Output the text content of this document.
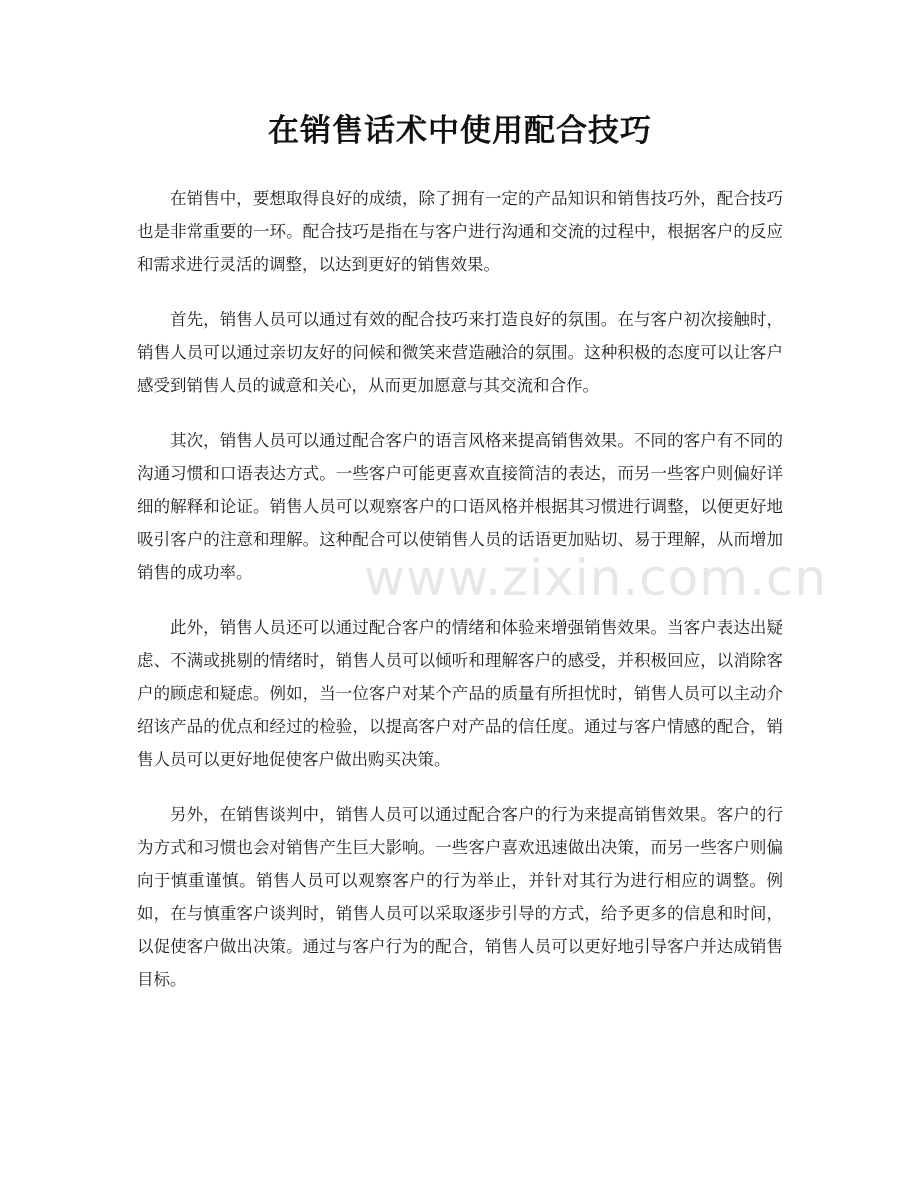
在销售话术中使用配合技巧

在销售中，要想取得良好的成绩，除了拥有一定的产品知识和销售技巧外，配合技巧也是非常重要的一环。配合技巧是指在与客户进行沟通和交流的过程中，根据客户的反应和需求进行灵活的调整，以达到更好的销售效果。

首先，销售人员可以通过有效的配合技巧来打造良好的氛围。在与客户初次接触时，销售人员可以通过亲切友好的问候和微笑来营造融洽的氛围。这种积极的态度可以让客户感受到销售人员的诚意和关心，从而更加愿意与其交流和合作。

其次，销售人员可以通过配合客户的语言风格来提高销售效果。不同的客户有不同的沟通习惯和口语表达方式。一些客户可能更喜欢直接简洁的表达，而另一些客户则偏好详细的解释和论证。销售人员可以观察客户的口语风格并根据其习惯进行调整，以便更好地吸引客户的注意和理解。这种配合可以使销售人员的话语更加贴切、易于理解，从而增加销售的成功率。

此外，销售人员还可以通过配合客户的情绪和体验来增强销售效果。当客户表达出疑虑、不满或挑剔的情绪时，销售人员可以倾听和理解客户的感受，并积极回应，以消除客户的顾虑和疑虑。例如，当一位客户对某个产品的质量有所担忧时，销售人员可以主动介绍该产品的优点和经过的检验，以提高客户对产品的信任度。通过与客户情感的配合，销售人员可以更好地促使客户做出购买决策。

另外，在销售谈判中，销售人员可以通过配合客户的行为来提高销售效果。客户的行为方式和习惯也会对销售产生巨大影响。一些客户喜欢迅速做出决策，而另一些客户则偏向于慎重谨慎。销售人员可以观察客户的行为举止，并针对其行为进行相应的调整。例如，在与慎重客户谈判时，销售人员可以采取逐步引导的方式，给予更多的信息和时间，以促使客户做出决策。通过与客户行为的配合，销售人员可以更好地引导客户并达成销售目标。

www.zixin.com.cn
